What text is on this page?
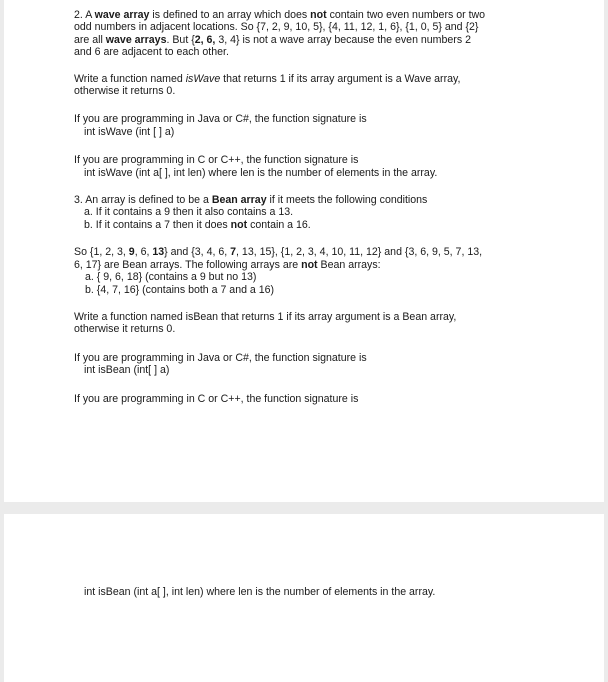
2. A wave array is defined to an array which does not contain two even numbers or two

odd numbers in adjacent locations. So {7, 2, 9, 10, 5}, {4, 11, 12, 1, 6}, {1, 0, 5} and {2}

are all wave arrays. But {2, 6, 3, 4} is not a wave array because the even numbers 2

and 6 are adjacent to each other.

Write a function named isWave that returns 1 if its array argument is a Wave array,

otherwise it returns 0.

If you are programming in Java or C#, the function signature is

int isWave (int [ ] a)

If you are programming in C or C++, the function signature is

int isWave (int a[ ], int len) where len is the number of elements in the array.

3. An array is defined to be a Bean array if it meets the following conditions

a. If it contains a 9 then it also contains a 13.

b. If it contains a 7 then it does not contain a 16.

So {1, 2, 3, 9, 6, 13} and {3, 4, 6, 7, 13, 15}, {1, 2, 3, 4, 10, 11, 12} and {3, 6, 9, 5, 7, 13,

6, 17} are Bean arrays. The following arrays are not Bean arrays:

a. { 9, 6, 18} (contains a 9 but no 13)

b. {4, 7, 16} (contains both a 7 and a 16)

Write a function named isBean that returns 1 if its array argument is a Bean array,

otherwise it returns 0.

If you are programming in Java or C#, the function signature is

int isBean (int[ ] a)

If you are programming in C or C++, the function signature is

int isBean (int a[ ], int len) where len is the number of elements in the array.
